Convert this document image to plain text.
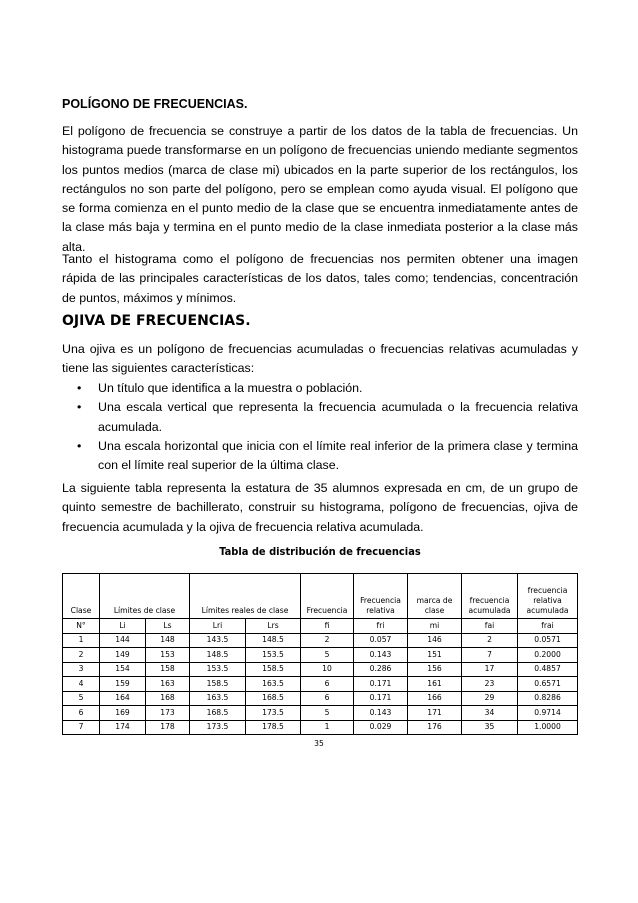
POLÍGONO DE FRECUENCIAS.

El polígono de frecuencia se construye a partir de los datos de la tabla de frecuencias. Un histograma puede transformarse en un polígono de frecuencias uniendo mediante segmentos los puntos medios (marca de clase mi) ubicados en la parte superior de los rectángulos, los rectángulos no son parte del polígono, pero se emplean como ayuda visual. El polígono que se forma comienza en el punto medio de la clase que se encuentra inmediatamente antes de la clase más baja y termina en el punto medio de la clase inmediata posterior a la clase más alta.

Tanto el histograma como el polígono de frecuencias nos permiten obtener una imagen rápida de las principales características de los datos, tales como; tendencias, concentración de puntos, máximos y mínimos.

OJIVA DE FRECUENCIAS.

Una ojiva es un polígono de frecuencias acumuladas o frecuencias relativas acumuladas y tiene las siguientes características:

• Un título que identifica a la muestra o población.
• Una escala vertical que representa la frecuencia acumulada o la frecuencia relativa acumulada.
• Una escala horizontal que inicia con el límite real inferior de la primera clase y termina con el límite real superior de la última clase.

La siguiente tabla representa la estatura de 35 alumnos expresada en cm, de un grupo de quinto semestre de bachillerato, construir su histograma, polígono de frecuencias, ojiva de frecuencia acumulada y la ojiva de frecuencia relativa acumulada.

Tabla de distribución de frecuencias
Clase	Límites de clase		Límites reales de clase		Frecuencia	Frecuencia relativa	marca de clase	frecuencia acumulada	frecuencia relativa acumulada
N°	Li	Ls	Lri	Lrs	fi	fri	mi	fai	frai
1	144	148	143.5	148.5	2	0.057	146	2	0.0571
2	149	153	148.5	153.5	5	0.143	151	7	0.2000
3	154	158	153.5	158.5	10	0.286	156	17	0.4857
4	159	163	158.5	163.5	6	0.171	161	23	0.6571
5	164	168	163.5	168.5	6	0.171	166	29	0.8286
6	169	173	168.5	173.5	5	0.143	171	34	0.9714
7	174	178	173.5	178.5	1	0.029	176	35	1.0000
35
